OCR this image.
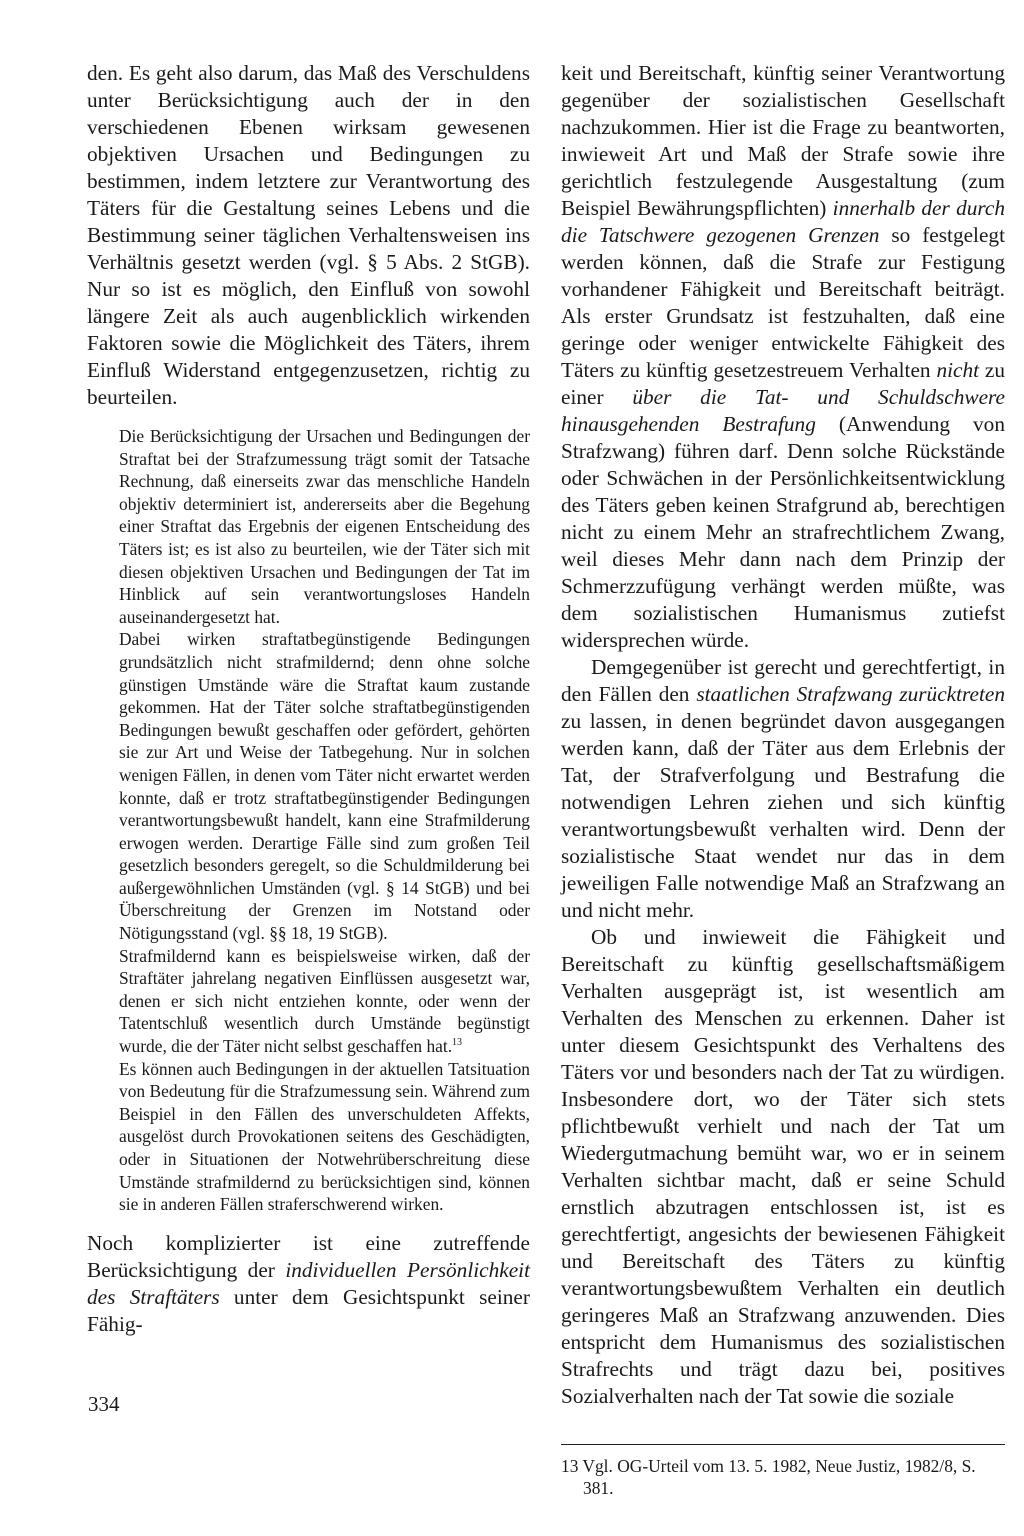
den. Es geht also darum, das Maß des Verschuldens unter Berücksichtigung auch der in den verschiedenen Ebenen wirksam gewesenen objektiven Ursachen und Bedingungen zu bestimmen, indem letztere zur Verantwortung des Täters für die Gestaltung seines Lebens und die Bestimmung seiner täglichen Verhaltensweisen ins Verhältnis gesetzt werden (vgl. § 5 Abs. 2 StGB). Nur so ist es möglich, den Einfluß von sowohl längere Zeit als auch augenblicklich wirkenden Faktoren sowie die Möglichkeit des Täters, ihrem Einfluß Widerstand entgegenzusetzen, richtig zu beurteilen.

Die Berücksichtigung der Ursachen und Bedingungen der Straftat bei der Strafzumessung trägt somit der Tatsache Rechnung, daß einerseits zwar das menschliche Handeln objektiv determiniert ist, andererseits aber die Begehung einer Straftat das Ergebnis der eigenen Entscheidung des Täters ist; es ist also zu beurteilen, wie der Täter sich mit diesen objektiven Ursachen und Bedingungen der Tat im Hinblick auf sein verantwortungsloses Handeln auseinandergesetzt hat.

Dabei wirken straftatbegünstigende Bedingungen grundsätzlich nicht strafmildernd; denn ohne solche günstigen Umstände wäre die Straftat kaum zustande gekommen. Hat der Täter solche straftatbegünstigenden Bedingungen bewußt geschaffen oder gefördert, gehörten sie zur Art und Weise der Tatbegehung. Nur in solchen wenigen Fällen, in denen vom Täter nicht erwartet werden konnte, daß er trotz straftatbegünstigender Bedingungen verantwortungsbewußt handelt, kann eine Strafmilderung erwogen werden. Derartige Fälle sind zum großen Teil gesetzlich besonders geregelt, so die Schuldmilderung bei außergewöhnlichen Umständen (vgl. § 14 StGB) und bei Überschreitung der Grenzen im Notstand oder Nötigungsstand (vgl. §§ 18, 19 StGB).

Strafmildernd kann es beispielsweise wirken, daß der Straftäter jahrelang negativen Einflüssen ausgesetzt war, denen er sich nicht entziehen konnte, oder wenn der Tatentschluß wesentlich durch Umstände begünstigt wurde, die der Täter nicht selbst geschaffen hat.$^{13}$

Es können auch Bedingungen in der aktuellen Tatsituation von Bedeutung für die Strafzumessung sein. Während zum Beispiel in den Fällen des unverschuldeten Affekts, ausgelöst durch Provokationen seitens des Geschädigten, oder in Situationen der Notwehrüberschreitung diese Umstände strafmildernd zu berücksichtigen sind, können sie in anderen Fällen straferschwerend wirken.

Noch komplizierter ist eine zutreffende Berücksichtigung der individuellen Persönlichkeit des Straftäters unter dem Gesichtspunkt seiner Fähig-

keit und Bereitschaft, künftig seiner Verantwortung gegenüber der sozialistischen Gesellschaft nachzukommen. Hier ist die Frage zu beantworten, inwieweit Art und Maß der Strafe sowie ihre gerichtlich festzulegende Ausgestaltung (zum Beispiel Bewährungspflichten) innerhalb der durch die Tatschwere gezogenen Grenzen so festgelegt werden können, daß die Strafe zur Festigung vorhandener Fähigkeit und Bereitschaft beiträgt. Als erster Grundsatz ist festzuhalten, daß eine geringe oder weniger entwickelte Fähigkeit des Täters zu künftig gesetzestreuem Verhalten nicht zu einer über die Tat- und Schuldschwere hinausgehenden Bestrafung (Anwendung von Strafzwang) führen darf. Denn solche Rückstände oder Schwächen in der Persönlichkeitsentwicklung des Täters geben keinen Strafgrund ab, berechtigen nicht zu einem Mehr an strafrechtlichem Zwang, weil dieses Mehr dann nach dem Prinzip der Schmerzzufügung verhängt werden müßte, was dem sozialistischen Humanismus zutiefst widersprechen würde.

Demgegenüber ist gerecht und gerechtfertigt, in den Fällen den staatlichen Strafzwang zurücktreten zu lassen, in denen begründet davon ausgegangen werden kann, daß der Täter aus dem Erlebnis der Tat, der Strafverfolgung und Bestrafung die notwendigen Lehren ziehen und sich künftig verantwortungsbewußt verhalten wird. Denn der sozialistische Staat wendet nur das in dem jeweiligen Falle notwendige Maß an Strafzwang an und nicht mehr.

Ob und inwieweit die Fähigkeit und Bereitschaft zu künftig gesellschaftsmäßigem Verhalten ausgeprägt ist, ist wesentlich am Verhalten des Menschen zu erkennen. Daher ist unter diesem Gesichtspunkt des Verhaltens des Täters vor und besonders nach der Tat zu würdigen. Insbesondere dort, wo der Täter sich stets pflichtbewußt verhielt und nach der Tat um Wiedergutmachung bemüht war, wo er in seinem Verhalten sichtbar macht, daß er seine Schuld ernstlich abzutragen entschlossen ist, ist es gerechtfertigt, angesichts der bewiesenen Fähigkeit und Bereitschaft des Täters zu künftig verantwortungsbewußtem Verhalten ein deutlich geringeres Maß an Strafzwang anzuwenden. Dies entspricht dem Humanismus des sozialistischen Strafrechts und trägt dazu bei, positives Sozialverhalten nach der Tat sowie die soziale

13 Vgl. OG-Urteil vom 13. 5. 1982, Neue Justiz, 1982/8, S. 381.
334
